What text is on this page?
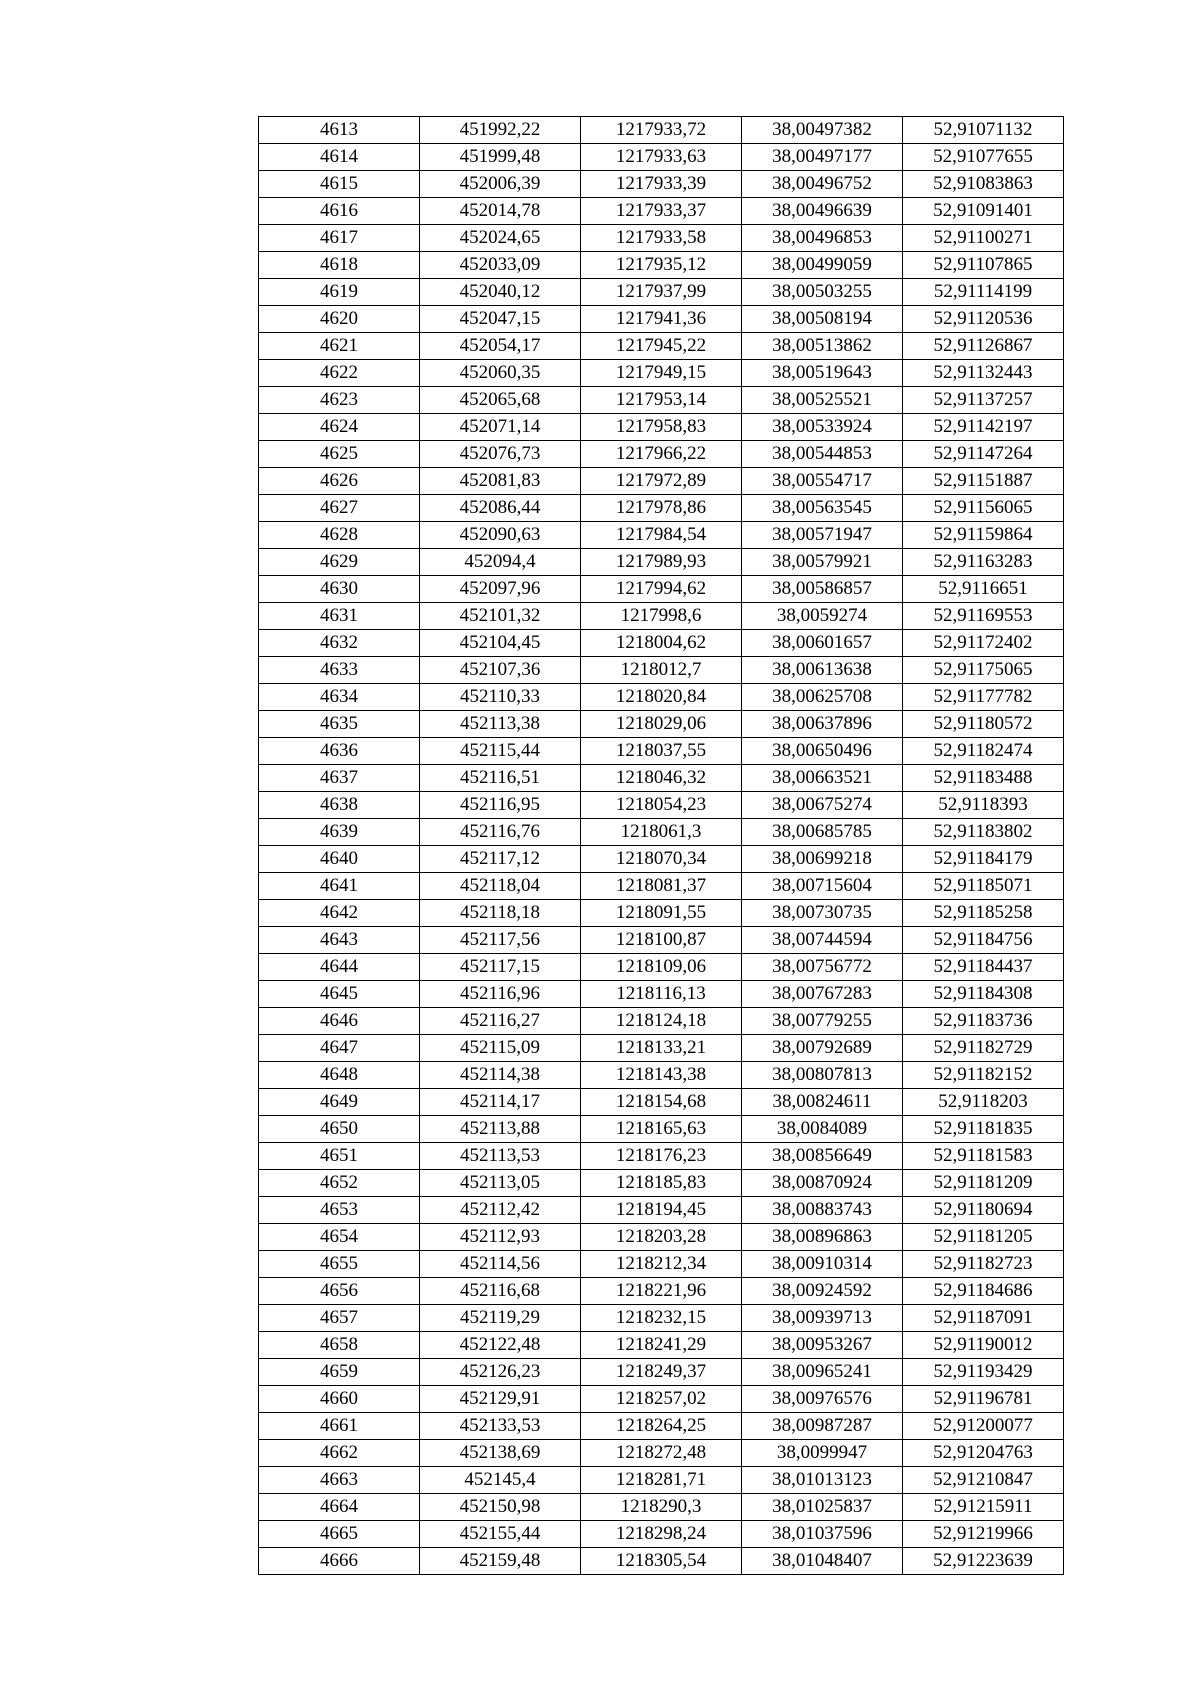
4613	451992,22	1217933,72	38,00497382	52,91071132
4614	451999,48	1217933,63	38,00497177	52,91077655
4615	452006,39	1217933,39	38,00496752	52,91083863
4616	452014,78	1217933,37	38,00496639	52,91091401
4617	452024,65	1217933,58	38,00496853	52,91100271
4618	452033,09	1217935,12	38,00499059	52,91107865
4619	452040,12	1217937,99	38,00503255	52,91114199
4620	452047,15	1217941,36	38,00508194	52,91120536
4621	452054,17	1217945,22	38,00513862	52,91126867
4622	452060,35	1217949,15	38,00519643	52,91132443
4623	452065,68	1217953,14	38,00525521	52,91137257
4624	452071,14	1217958,83	38,00533924	52,91142197
4625	452076,73	1217966,22	38,00544853	52,91147264
4626	452081,83	1217972,89	38,00554717	52,91151887
4627	452086,44	1217978,86	38,00563545	52,91156065
4628	452090,63	1217984,54	38,00571947	52,91159864
4629	452094,4	1217989,93	38,00579921	52,91163283
4630	452097,96	1217994,62	38,00586857	52,9116651
4631	452101,32	1217998,6	38,0059274	52,91169553
4632	452104,45	1218004,62	38,00601657	52,91172402
4633	452107,36	1218012,7	38,00613638	52,91175065
4634	452110,33	1218020,84	38,00625708	52,91177782
4635	452113,38	1218029,06	38,00637896	52,91180572
4636	452115,44	1218037,55	38,00650496	52,91182474
4637	452116,51	1218046,32	38,00663521	52,91183488
4638	452116,95	1218054,23	38,00675274	52,9118393
4639	452116,76	1218061,3	38,00685785	52,91183802
4640	452117,12	1218070,34	38,00699218	52,91184179
4641	452118,04	1218081,37	38,00715604	52,91185071
4642	452118,18	1218091,55	38,00730735	52,91185258
4643	452117,56	1218100,87	38,00744594	52,91184756
4644	452117,15	1218109,06	38,00756772	52,91184437
4645	452116,96	1218116,13	38,00767283	52,91184308
4646	452116,27	1218124,18	38,00779255	52,91183736
4647	452115,09	1218133,21	38,00792689	52,91182729
4648	452114,38	1218143,38	38,00807813	52,91182152
4649	452114,17	1218154,68	38,00824611	52,9118203
4650	452113,88	1218165,63	38,0084089	52,91181835
4651	452113,53	1218176,23	38,00856649	52,91181583
4652	452113,05	1218185,83	38,00870924	52,91181209
4653	452112,42	1218194,45	38,00883743	52,91180694
4654	452112,93	1218203,28	38,00896863	52,91181205
4655	452114,56	1218212,34	38,00910314	52,91182723
4656	452116,68	1218221,96	38,00924592	52,91184686
4657	452119,29	1218232,15	38,00939713	52,91187091
4658	452122,48	1218241,29	38,00953267	52,91190012
4659	452126,23	1218249,37	38,00965241	52,91193429
4660	452129,91	1218257,02	38,00976576	52,91196781
4661	452133,53	1218264,25	38,00987287	52,91200077
4662	452138,69	1218272,48	38,0099947	52,91204763
4663	452145,4	1218281,71	38,01013123	52,91210847
4664	452150,98	1218290,3	38,01025837	52,91215911
4665	452155,44	1218298,24	38,01037596	52,91219966
4666	452159,48	1218305,54	38,01048407	52,91223639
